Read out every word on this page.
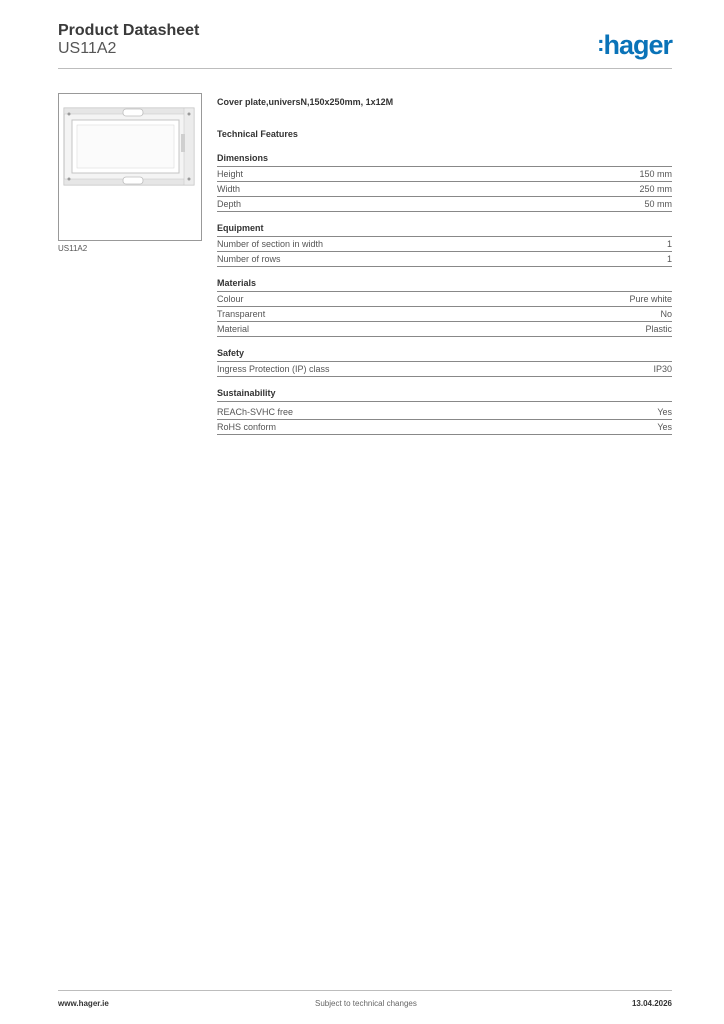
Product Datasheet
US11A2	:hager
US11A2
Cover plate,universN,150x250mm, 1x12M
Technical Features
Dimensions
Height	150 mm
Width	250 mm
Depth	50 mm
Equipment
Number of section in width	1
Number of rows	1
Materials
Colour	Pure white
Transparent	No
Material	Plastic
Safety
Ingress Protection (IP) class	IP30
Sustainability
REACh-SVHC free	Yes
RoHS conform	Yes
www.hager.ie	Subject to technical changes	13.04.2026
